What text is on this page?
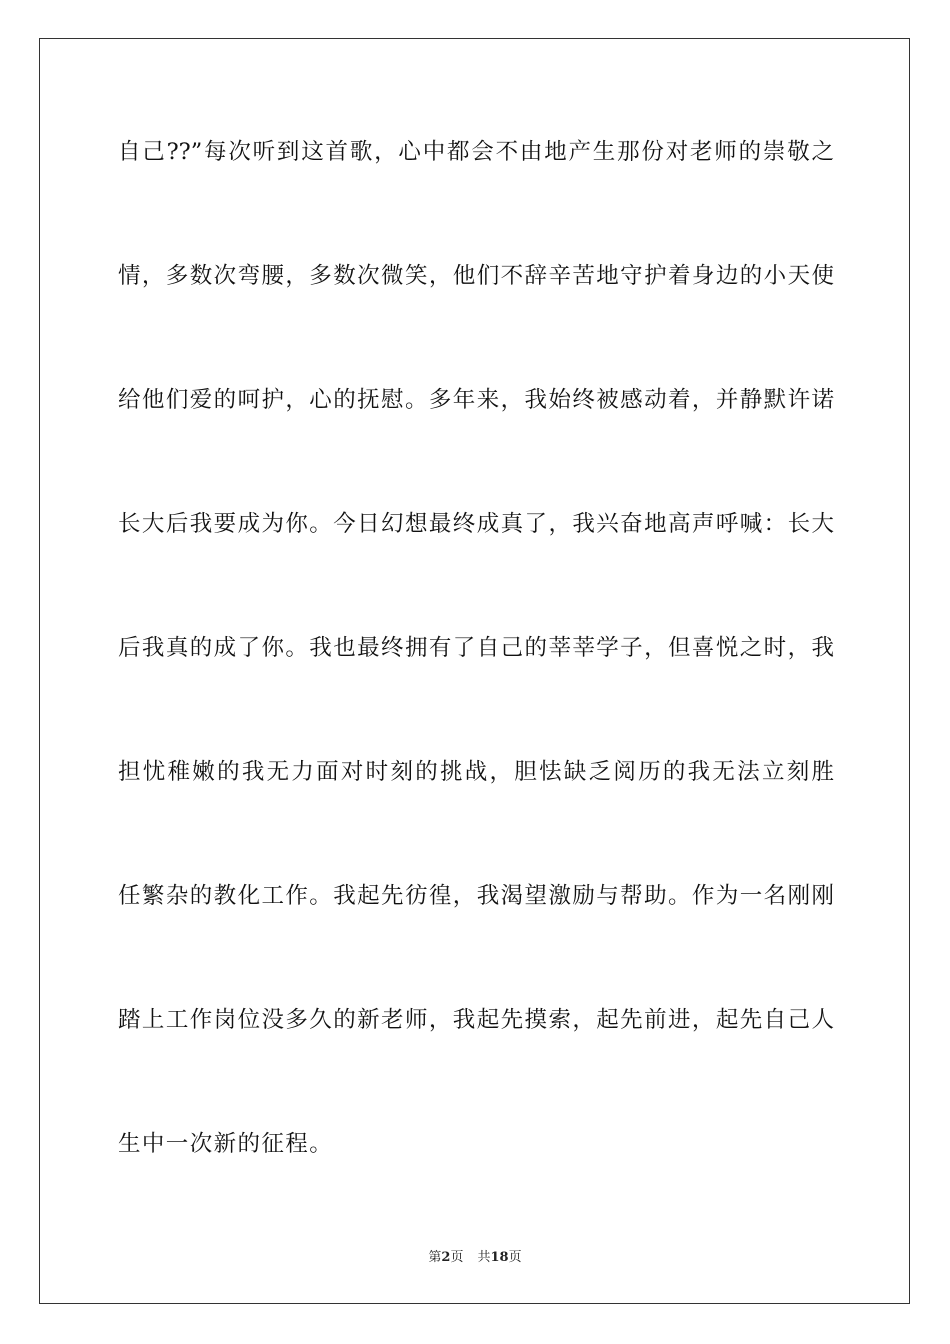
自己??”每次听到这首歌，心中都会不由地产生那份对老师的崇敬之
情，多数次弯腰，多数次微笑，他们不辞辛苦地守护着身边的小天使
给他们爱的呵护，心的抚慰。多年来，我始终被感动着，并静默许诺
长大后我要成为你。今日幻想最终成真了，我兴奋地高声呼喊：长大
后我真的成了你。我也最终拥有了自己的莘莘学子，但喜悦之时，我
担忧稚嫩的我无力面对时刻的挑战，胆怯缺乏阅历的我无法立刻胜
任繁杂的教化工作。我起先彷徨，我渴望激励与帮助。作为一名刚刚
踏上工作岗位没多久的新老师，我起先摸索，起先前进，起先自己人
生中一次新的征程。
第2页 共18页
